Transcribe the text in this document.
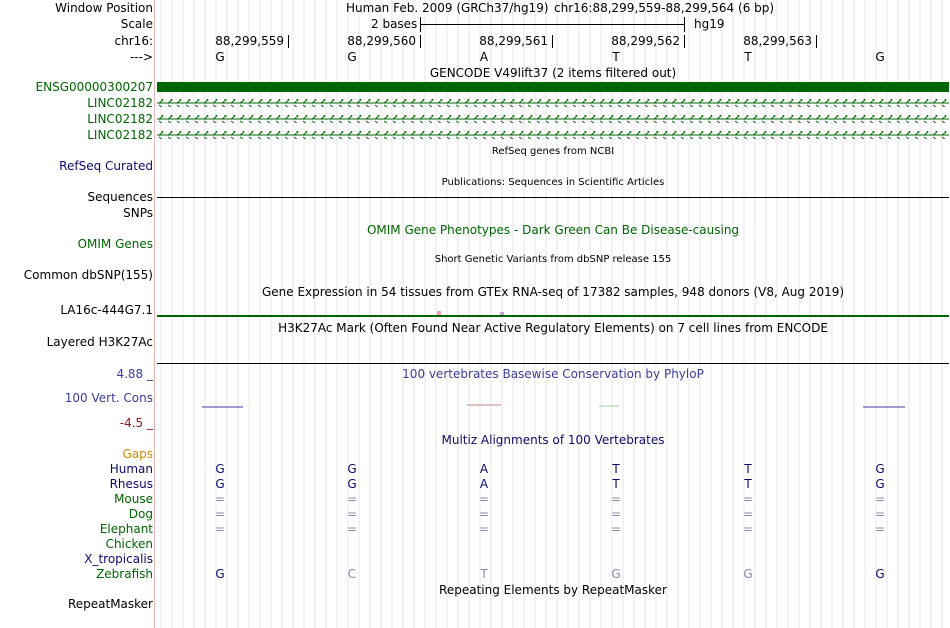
Window Position
Scale
chr16:
--->
Human Feb. 2009 (GRCh37/hg19) chr16:88,299,559-88,299,564 (6 bp)
2 bases	hg19
88,299,559	88,299,560	88,299,561	88,299,562	88,299,563
G	G	A	T	T	G
GENCODE V49lift37 (2 items filtered out)
ENSG00000300207
LINC02182
LINC02182
LINC02182
RefSeq Curated
RefSeq genes from NCBI
Publications: Sequences in Scientific Articles
Sequences
SNPs
OMIM Gene Phenotypes - Dark Green Can Be Disease-causing
OMIM Genes
Short Genetic Variants from dbSNP release 155
Common dbSNP(155)
Gene Expression in 54 tissues from GTEx RNA-seq of 17382 samples, 948 donors (V8, Aug 2019)
LA16c-444G7.1
H3K27Ac Mark (Often Found Near Active Regulatory Elements) on 7 cell lines from ENCODE
Layered H3K27Ac
4.88 _	100 vertebrates Basewise Conservation by PhyloP
100 Vert. Cons
-4.5 _
Multiz Alignments of 100 Vertebrates
Gaps
Human	G	G	A	T	T	G
Rhesus	G	G	A	T	T	G
Mouse	=	=	=	=	=	=
Dog	=	=	=	=	=	=
Elephant	=	=	=	=	=	=
Chicken
X_tropicalis
Zebrafish	G	C	T	G	G	G
Repeating Elements by RepeatMasker
RepeatMasker
